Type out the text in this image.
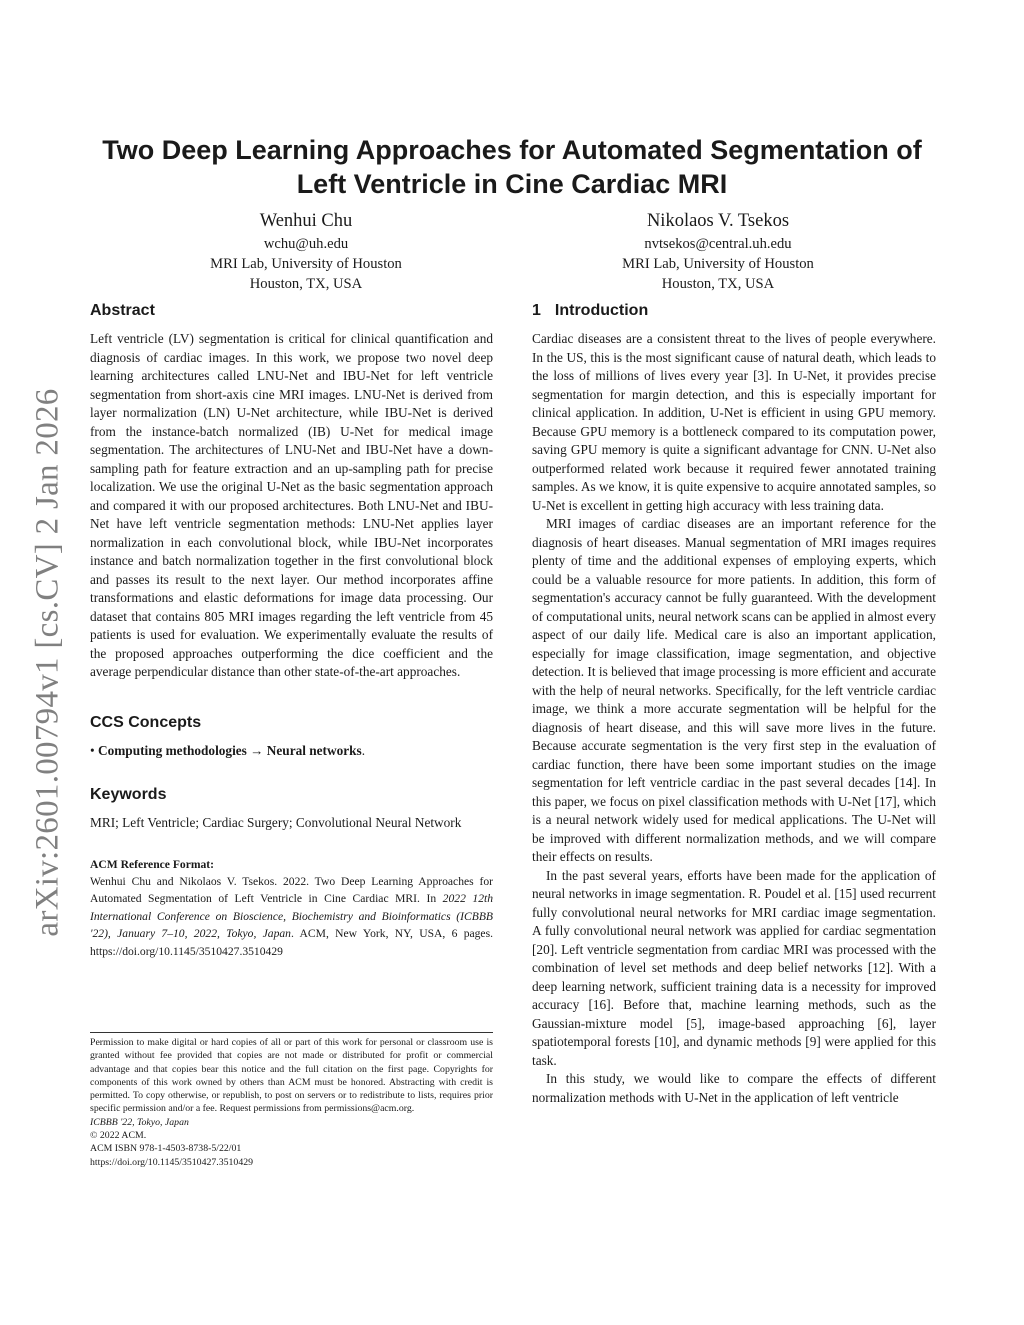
arXiv:2601.00794v1 [cs.CV] 2 Jan 2026
Two Deep Learning Approaches for Automated Segmentation of Left Ventricle in Cine Cardiac MRI
Wenhui Chu
wchu@uh.edu
MRI Lab, University of Houston
Houston, TX, USA
Nikolaos V. Tsekos
nvtsekos@central.uh.edu
MRI Lab, University of Houston
Houston, TX, USA
Abstract

Left ventricle (LV) segmentation is critical for clinical quantification and diagnosis of cardiac images. In this work, we propose two novel deep learning architectures called LNU-Net and IBU-Net for left ventricle segmentation from short-axis cine MRI images. LNU-Net is derived from layer normalization (LN) U-Net architecture, while IBU-Net is derived from the instance-batch normalized (IB) U-Net for medical image segmentation. The architectures of LNU-Net and IBU-Net have a down-sampling path for feature extraction and an up-sampling path for precise localization. We use the original U-Net as the basic segmentation approach and compared it with our proposed architectures. Both LNU-Net and IBU-Net have left ventricle segmentation methods: LNU-Net applies layer normalization in each convolutional block, while IBU-Net incorporates instance and batch normalization together in the first convolutional block and passes its result to the next layer. Our method incorporates affine transformations and elastic deformations for image data processing. Our dataset that contains 805 MRI images regarding the left ventricle from 45 patients is used for evaluation. We experimentally evaluate the results of the proposed approaches outperforming the dice coefficient and the average perpendicular distance than other state-of-the-art approaches.

CCS Concepts

• Computing methodologies → Neural networks.

Keywords

MRI; Left Ventricle; Cardiac Surgery; Convolutional Neural Network

ACM Reference Format:

Wenhui Chu and Nikolaos V. Tsekos. 2022. Two Deep Learning Approaches for Automated Segmentation of Left Ventricle in Cine Cardiac MRI. In 2022 12th International Conference on Bioscience, Biochemistry and Bioinformatics (ICBBB '22), January 7–10, 2022, Tokyo, Japan. ACM, New York, NY, USA, 6 pages. https://doi.org/10.1145/3510427.3510429

Permission to make digital or hard copies of all or part of this work for personal or classroom use is granted without fee provided that copies are not made or distributed for profit or commercial advantage and that copies bear this notice and the full citation on the first page. Copyrights for components of this work owned by others than ACM must be honored. Abstracting with credit is permitted. To copy otherwise, or republish, to post on servers or to redistribute to lists, requires prior specific permission and/or a fee. Request permissions from permissions@acm.org.
ICBBB '22, Tokyo, Japan
© 2022 ACM.
ACM ISBN 978-1-4503-8738-5/22/01
https://doi.org/10.1145/3510427.3510429
1 Introduction

Cardiac diseases are a consistent threat to the lives of people everywhere. In the US, this is the most significant cause of natural death, which leads to the loss of millions of lives every year [3]. In U-Net, it provides precise segmentation for margin detection, and this is especially important for clinical application. In addition, U-Net is efficient in using GPU memory. Because GPU memory is a bottleneck compared to its computation power, saving GPU memory is quite a significant advantage for CNN. U-Net also outperformed related work because it required fewer annotated training samples. As we know, it is quite expensive to acquire annotated samples, so U-Net is excellent in getting high accuracy with less training data.

MRI images of cardiac diseases are an important reference for the diagnosis of heart diseases. Manual segmentation of MRI images requires plenty of time and the additional expenses of employing experts, which could be a valuable resource for more patients. In addition, this form of segmentation's accuracy cannot be fully guaranteed. With the development of computational units, neural network scans can be applied in almost every aspect of our daily life. Medical care is also an important application, especially for image classification, image segmentation, and objective detection. It is believed that image processing is more efficient and accurate with the help of neural networks. Specifically, for the left ventricle cardiac image, we think a more accurate segmentation will be helpful for the diagnosis of heart disease, and this will save more lives in the future. Because accurate segmentation is the very first step in the evaluation of cardiac function, there have been some important studies on the image segmentation for left ventricle cardiac in the past several decades [14]. In this paper, we focus on pixel classification methods with U-Net [17], which is a neural network widely used for medical applications. The U-Net will be improved with different normalization methods, and we will compare their effects on results.

In the past several years, efforts have been made for the application of neural networks in image segmentation. R. Poudel et al. [15] used recurrent fully convolutional neural networks for MRI cardiac image segmentation. A fully convolutional neural network was applied for cardiac segmentation [20]. Left ventricle segmentation from cardiac MRI was processed with the combination of level set methods and deep belief networks [12]. With a deep learning network, sufficient training data is a necessity for improved accuracy [16]. Before that, machine learning methods, such as the Gaussian-mixture model [5], image-based approaching [6], layer spatiotemporal forests [10], and dynamic methods [9] were applied for this task.

In this study, we would like to compare the effects of different normalization methods with U-Net in the application of left ventricle
